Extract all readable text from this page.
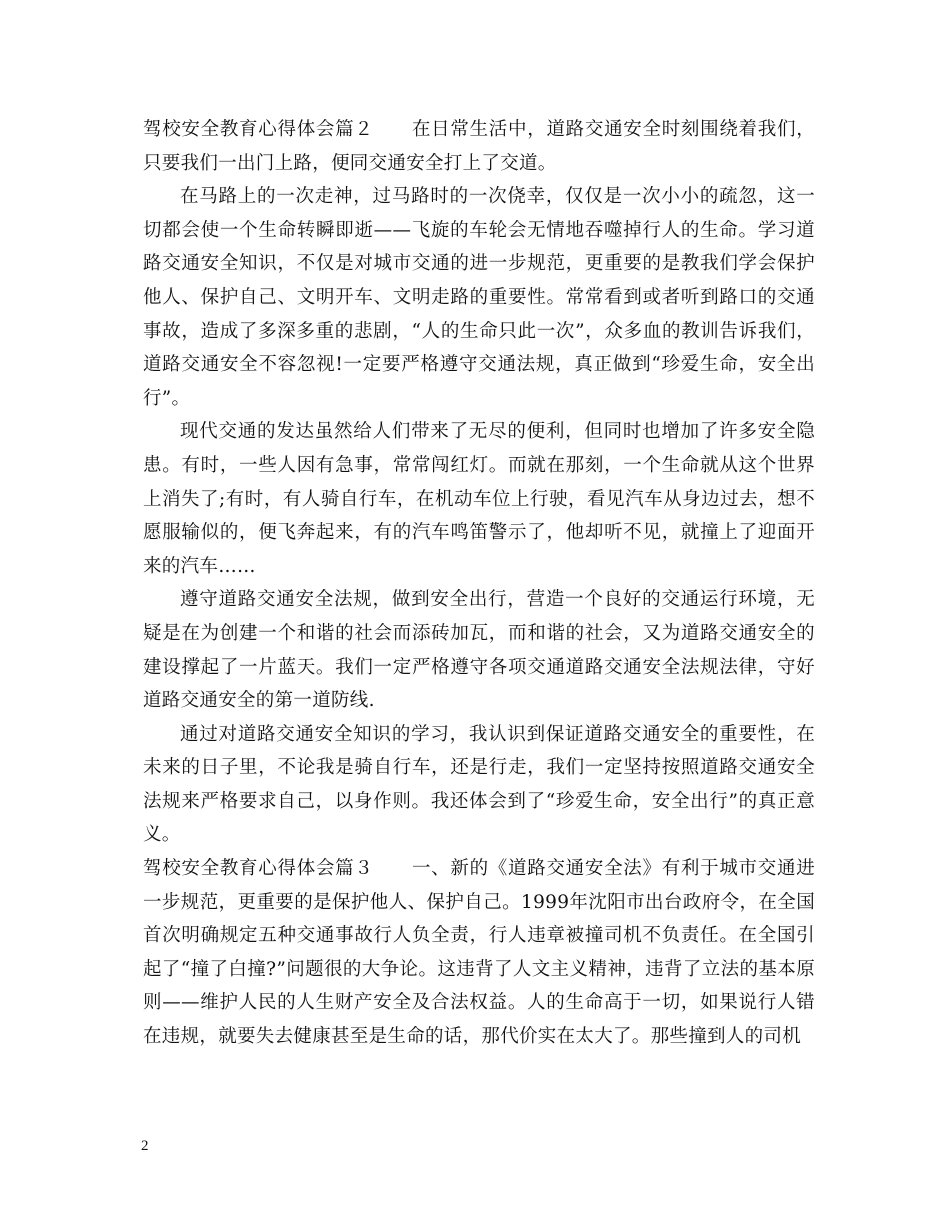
驾校安全教育心得体会篇２ 在日常生活中，道路交通安全时刻围绕着我们，只要我们一出门上路，便同交通安全打上了交道。

在马路上的一次走神，过马路时的一次侥幸，仅仅是一次小小的疏忽，这一切都会使一个生命转瞬即逝——飞旋的车轮会无情地吞噬掉行人的生命。学习道路交通安全知识，不仅是对城市交通的进一步规范，更重要的是教我们学会保护他人、保护自己、文明开车、文明走路的重要性。常常看到或者听到路口的交通事故，造成了多深多重的悲剧，“人的生命只此一次”，众多血的教训告诉我们，道路交通安全不容忽视!一定要严格遵守交通法规，真正做到“珍爱生命，安全出行”。

现代交通的发达虽然给人们带来了无尽的便利，但同时也增加了许多安全隐患。有时，一些人因有急事，常常闯红灯。而就在那刻，一个生命就从这个世界上消失了;有时，有人骑自行车，在机动车位上行驶，看见汽车从身边过去，想不愿服输似的，便飞奔起来，有的汽车鸣笛警示了，他却听不见，就撞上了迎面开来的汽车……

遵守道路交通安全法规，做到安全出行，营造一个良好的交通运行环境，无疑是在为创建一个和谐的社会而添砖加瓦，而和谐的社会，又为道路交通安全的建设撑起了一片蓝天。我们一定严格遵守各项交通道路交通安全法规法律，守好道路交通安全的第一道防线.

通过对道路交通安全知识的学习，我认识到保证道路交通安全的重要性，在未来的日子里，不论我是骑自行车，还是行走，我们一定坚持按照道路交通安全法规来严格要求自己，以身作则。我还体会到了“珍爱生命，安全出行”的真正意义。

驾校安全教育心得体会篇３ 一、新的《道路交通安全法》有利于城市交通进一步规范，更重要的是保护他人、保护自己。1999年沈阳市出台政府令，在全国首次明确规定五种交通事故行人负全责，行人违章被撞司机不负责任。在全国引起了“撞了白撞?”问题很的大争论。这违背了人文主义精神，违背了立法的基本原则——维护人民的人生财产安全及合法权益。人的生命高于一切，如果说行人错在违规，就要失去健康甚至是生命的话，那代价实在太大了。那些撞到人的司机

2
